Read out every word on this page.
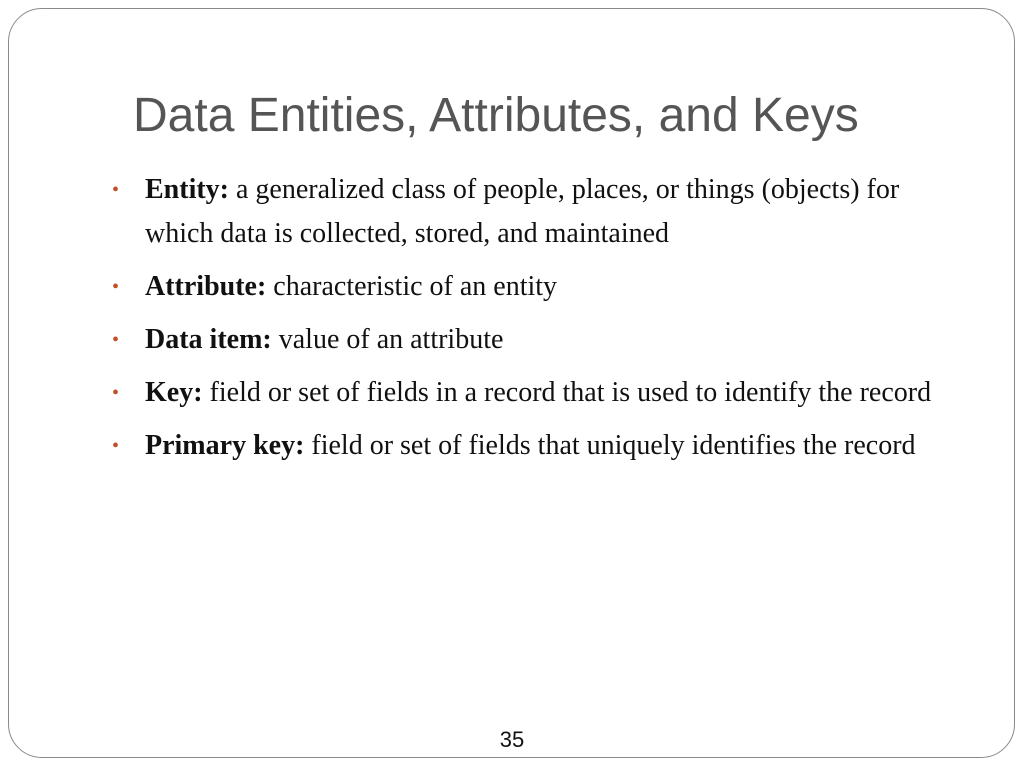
Data Entities, Attributes, and Keys
• Entity: a generalized class of people, places, or things (objects) for which data is collected, stored, and maintained
• Attribute: characteristic of an entity
• Data item: value of an attribute
• Key: field or set of fields in a record that is used to identify the record
• Primary key: field or set of fields that uniquely identifies the record
35
